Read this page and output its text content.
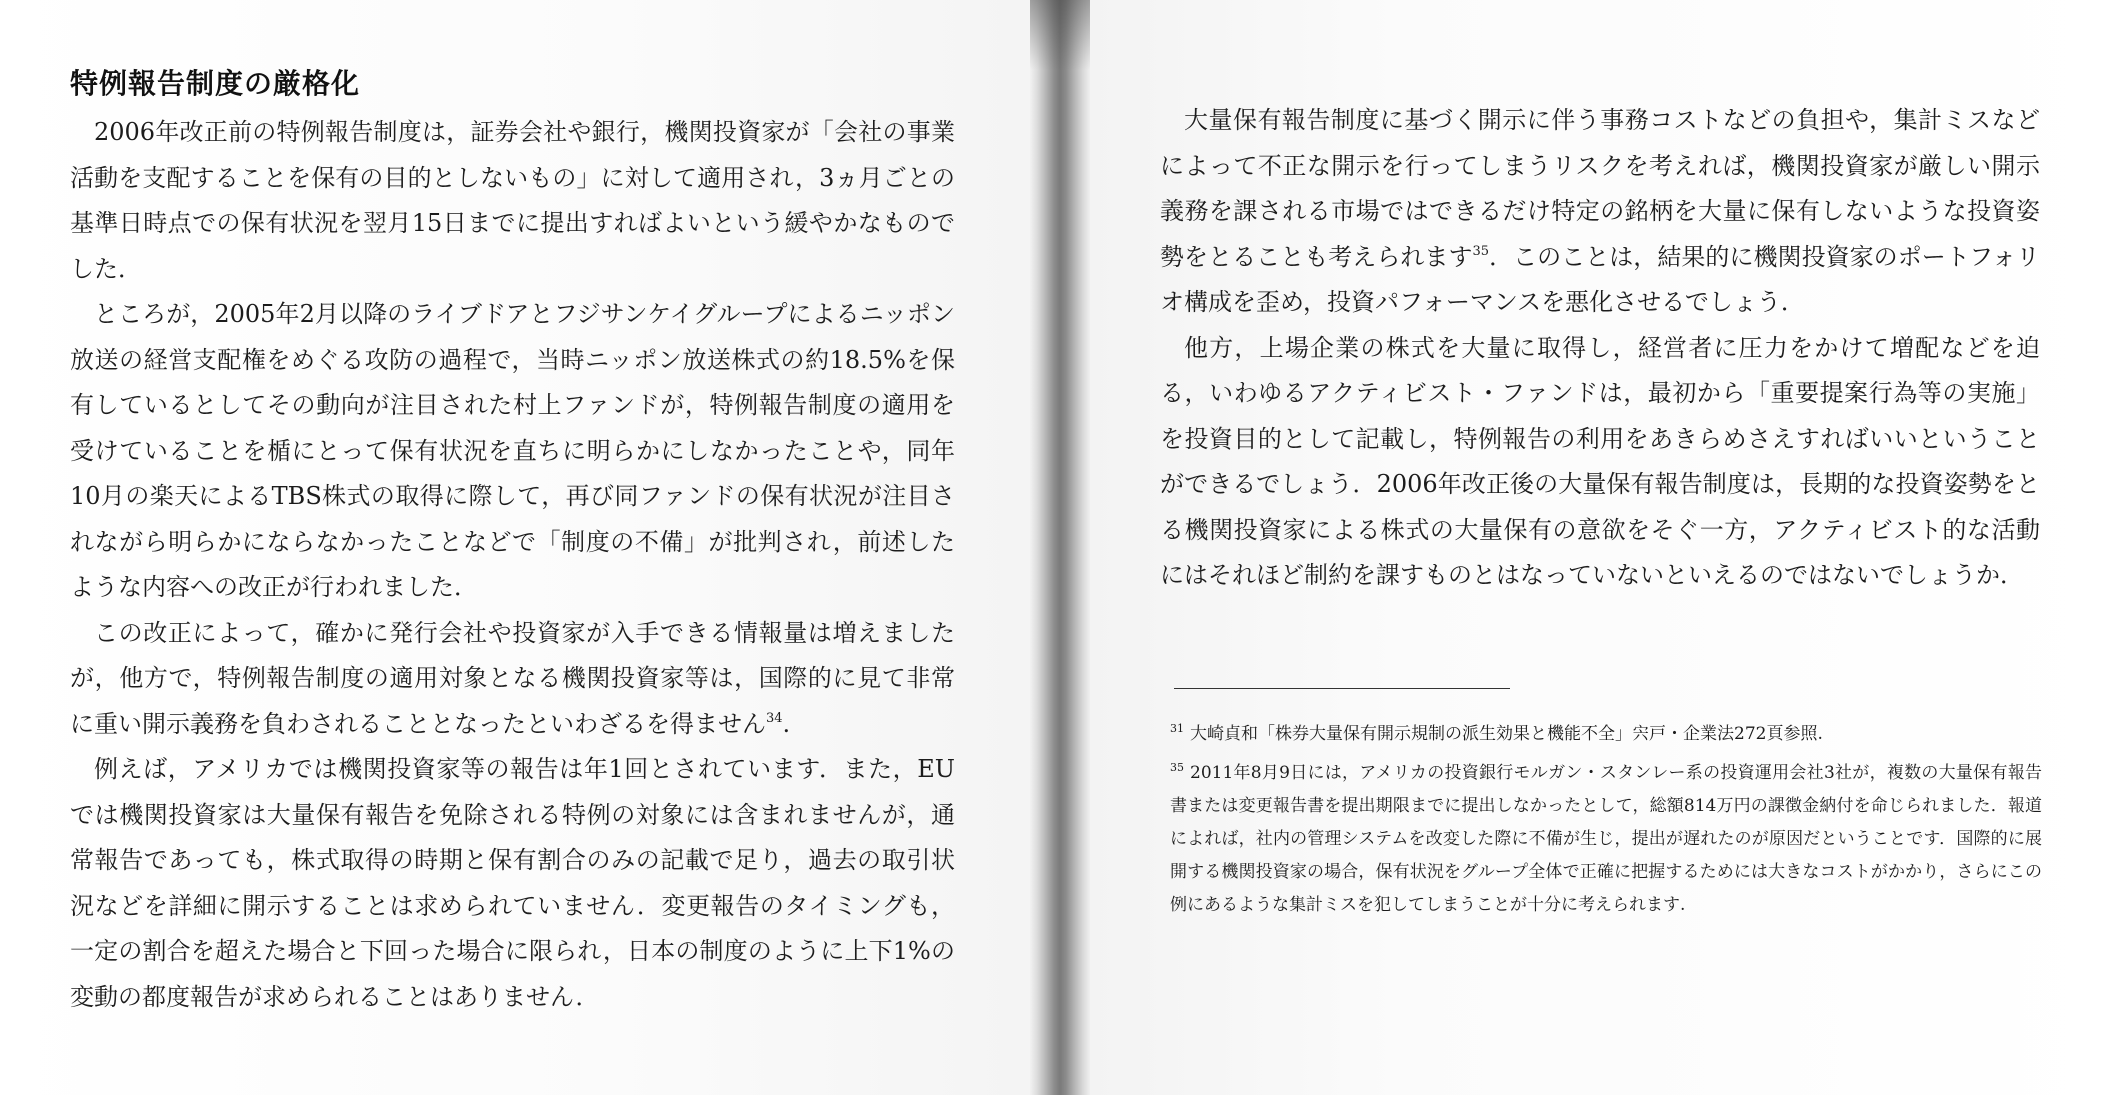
特例報告制度の厳格化

2006年改正前の特例報告制度は，証券会社や銀行，機関投資家が「会社の事業活動を支配することを保有の目的としないもの」に対して適用され，3ヵ月ごとの基準日時点での保有状況を翌月15日までに提出すればよいという緩やかなものでした．

ところが，2005年2月以降のライブドアとフジサンケイグループによるニッポン放送の経営支配権をめぐる攻防の過程で，当時ニッポン放送株式の約18.5%を保有しているとしてその動向が注目された村上ファンドが，特例報告制度の適用を受けていることを楯にとって保有状況を直ちに明らかにしなかったことや，同年10月の楽天によるTBS株式の取得に際して，再び同ファンドの保有状況が注目されながら明らかにならなかったことなどで「制度の不備」が批判され，前述したような内容への改正が行われました．

この改正によって，確かに発行会社や投資家が入手できる情報量は増えましたが，他方で，特例報告制度の適用対象となる機関投資家等は，国際的に見て非常に重い開示義務を負わされることとなったといわざるを得ません$^{34}$.

例えば，アメリカでは機関投資家等の報告は年1回とされています．また，EUでは機関投資家は大量保有報告を免除される特例の対象には含まれませんが，通常報告であっても，株式取得の時期と保有割合のみの記載で足り，過去の取引状況などを詳細に開示することは求められていません．変更報告のタイミングも，一定の割合を超えた場合と下回った場合に限られ，日本の制度のように上下1%の変動の都度報告が求められることはありません．

大量保有報告制度に基づく開示に伴う事務コストなどの負担や，集計ミスなどによって不正な開示を行ってしまうリスクを考えれば，機関投資家が厳しい開示義務を課される市場ではできるだけ特定の銘柄を大量に保有しないような投資姿勢をとることも考えられます$^{35}$．このことは，結果的に機関投資家のポートフォリオ構成を歪め，投資パフォーマンスを悪化させるでしょう．

他方，上場企業の株式を大量に取得し，経営者に圧力をかけて増配などを迫る，いわゆるアクティビスト・ファンドは，最初から「重要提案行為等の実施」を投資目的として記載し，特例報告の利用をあきらめさえすればいいということができるでしょう．2006年改正後の大量保有報告制度は，長期的な投資姿勢をとる機関投資家による株式の大量保有の意欲をそぐ一方，アクティビスト的な活動にはそれほど制約を課すものとはなっていないといえるのではないでしょうか．

$^{31}$ 大崎貞和「株券大量保有開示規制の派生効果と機能不全」宍戸・企業法272頁参照.

$^{35}$ 2011年8月9日には，アメリカの投資銀行モルガン・スタンレー系の投資運用会社3社が，複数の大量保有報告書または変更報告書を提出期限までに提出しなかったとして，総額814万円の課徴金納付を命じられました．報道によれば，社内の管理システムを改変した際に不備が生じ，提出が遅れたのが原因だということです．国際的に展開する機関投資家の場合，保有状況をグループ全体で正確に把握するためには大きなコストがかかり，さらにこの例にあるような集計ミスを犯してしまうことが十分に考えられます.
